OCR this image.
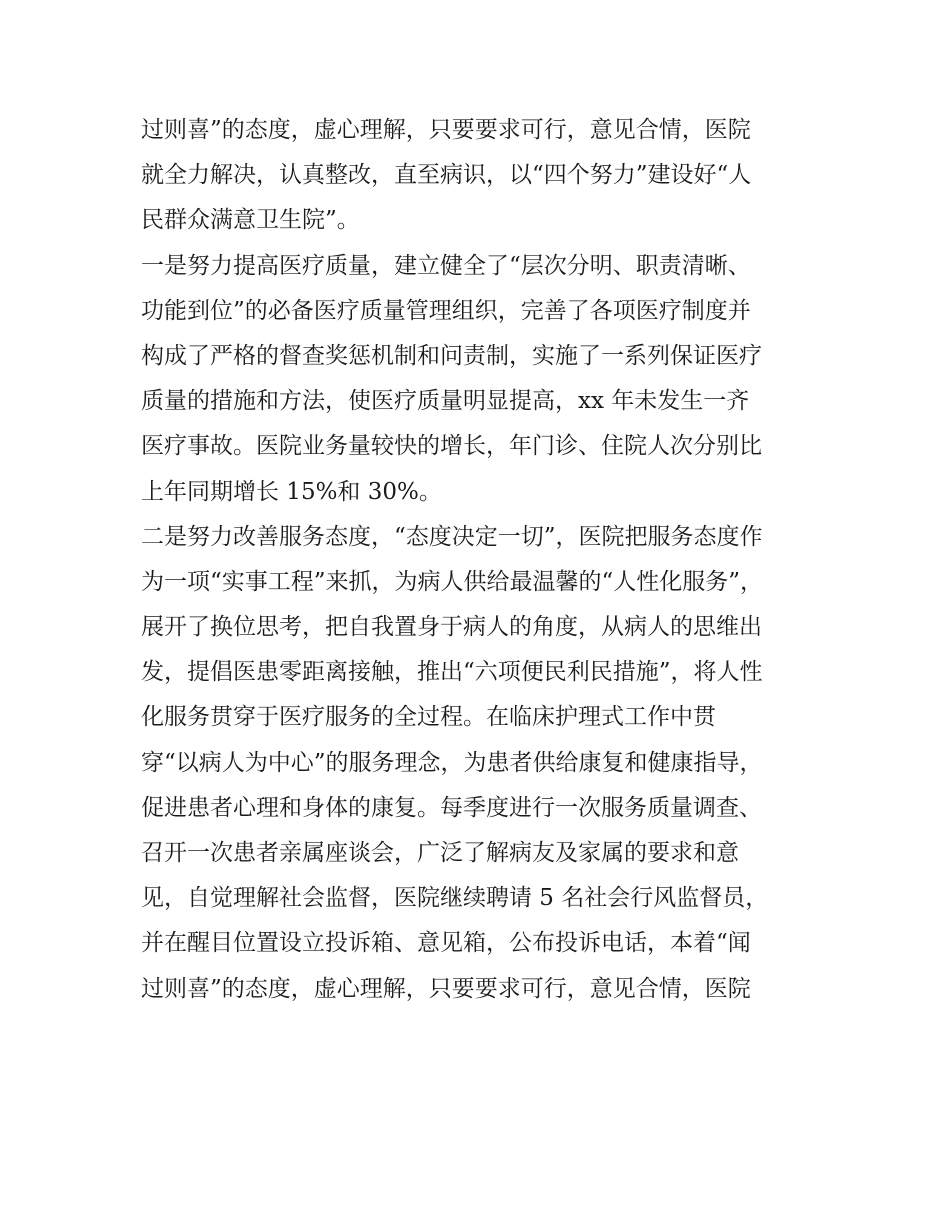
过则喜”的态度，虚心理解，只要要求可行，意见合情，医院
就全力解决，认真整改，直至病识，以“四个努力”建设好“人
民群众满意卫生院”。
一是努力提高医疗质量，建立健全了“层次分明、职责清晰、
功能到位”的必备医疗质量管理组织，完善了各项医疗制度并
构成了严格的督查奖惩机制和问责制，实施了一系列保证医疗
质量的措施和方法，使医疗质量明显提高，xx 年未发生一齐
医疗事故。医院业务量较快的增长，年门诊、住院人次分别比
上年同期增长 15%和 30%。
二是努力改善服务态度，“态度决定一切”，医院把服务态度作
为一项“实事工程”来抓，为病人供给最温馨的“人性化服务”，
展开了换位思考，把自我置身于病人的角度，从病人的思维出
发，提倡医患零距离接触，推出“六项便民利民措施”，将人性
化服务贯穿于医疗服务的全过程。在临床护理式工作中贯
穿“以病人为中心”的服务理念，为患者供给康复和健康指导，
促进患者心理和身体的康复。每季度进行一次服务质量调查、
召开一次患者亲属座谈会，广泛了解病友及家属的要求和意
见，自觉理解社会监督，医院继续聘请 5 名社会行风监督员，
并在醒目位置设立投诉箱、意见箱，公布投诉电话，本着“闻
过则喜”的态度，虚心理解，只要要求可行，意见合情，医院
